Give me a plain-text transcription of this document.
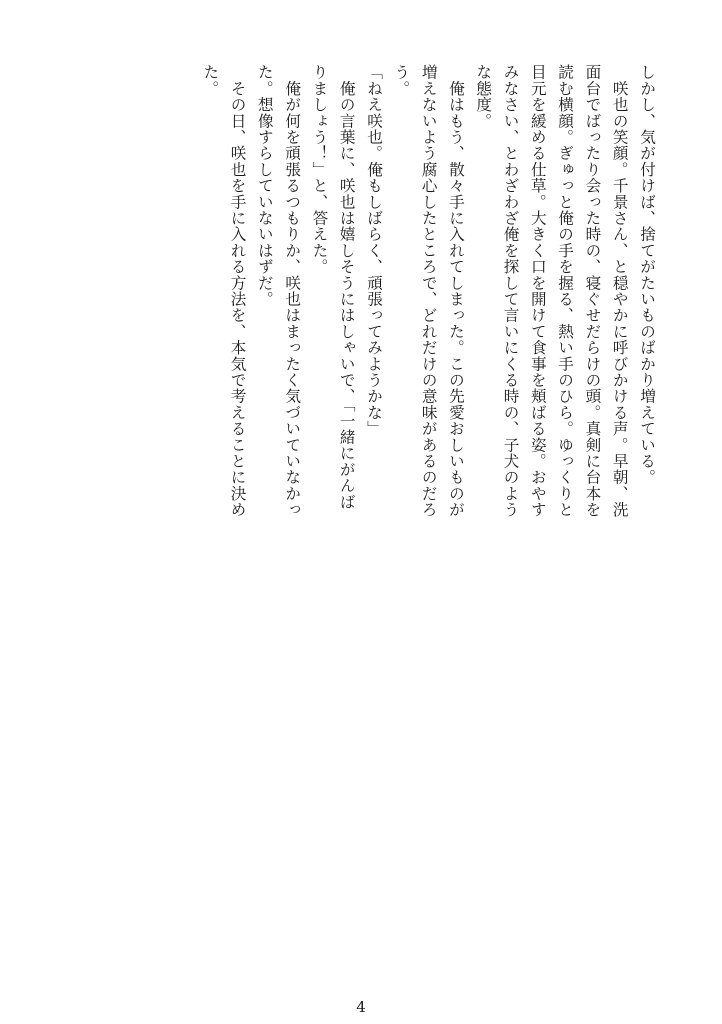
しかし、気が付けば、捨てがたいものばかり増えている。

　咲也の笑顔。千景さん、と穏やかに呼びかける声。早朝、洗面台でばったり会った時の、寝ぐせだらけの頭。真剣に台本を読む横顔。ぎゅっと俺の手を握る、熱い手のひら。ゆっくりと目元を緩める仕草。大きく口を開けて食事を頬ばる姿。おやすみなさい、とわざわざ俺を探して言いにくる時の、子犬のような態度。

　俺はもう、散々手に入れてしまった。この先愛おしいものが増えないよう腐心したところで、どれだけの意味があるのだろう。

「ねえ咲也。俺もしばらく、頑張ってみようかな」

　俺の言葉に、咲也は嬉しそうにはしゃいで、「一緒にがんばりましょう！」と、答えた。

　俺が何を頑張るつもりか、咲也はまったく気づいていなかった。想像すらしていないはずだ。

　その日、咲也を手に入れる方法を、本気で考えることに決めた。

4
